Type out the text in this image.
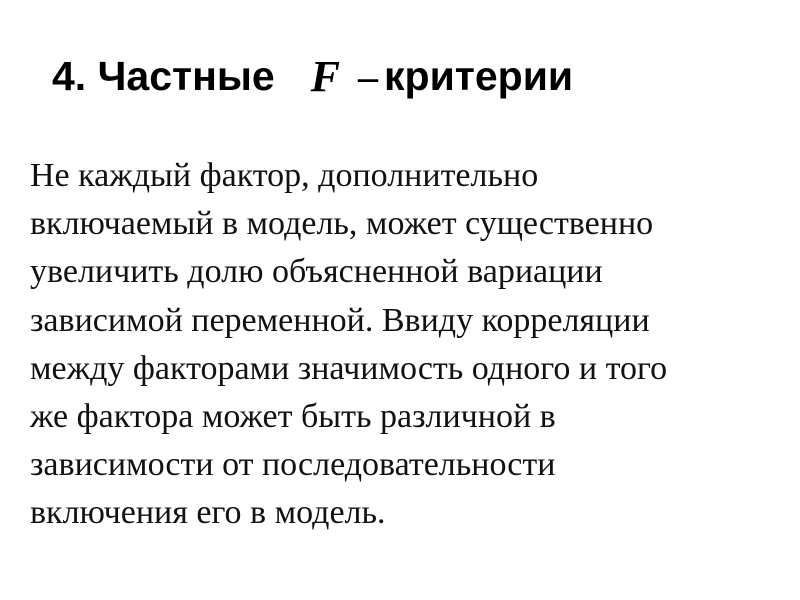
4. Частные F – критерии

Не каждый фактор, дополнительно
включаемый в модель, может существенно
увеличить долю объясненной вариации
зависимой переменной. Ввиду корреляции
между факторами значимость одного и того
же фактора может быть различной в
зависимости от последовательности
включения его в модель.
